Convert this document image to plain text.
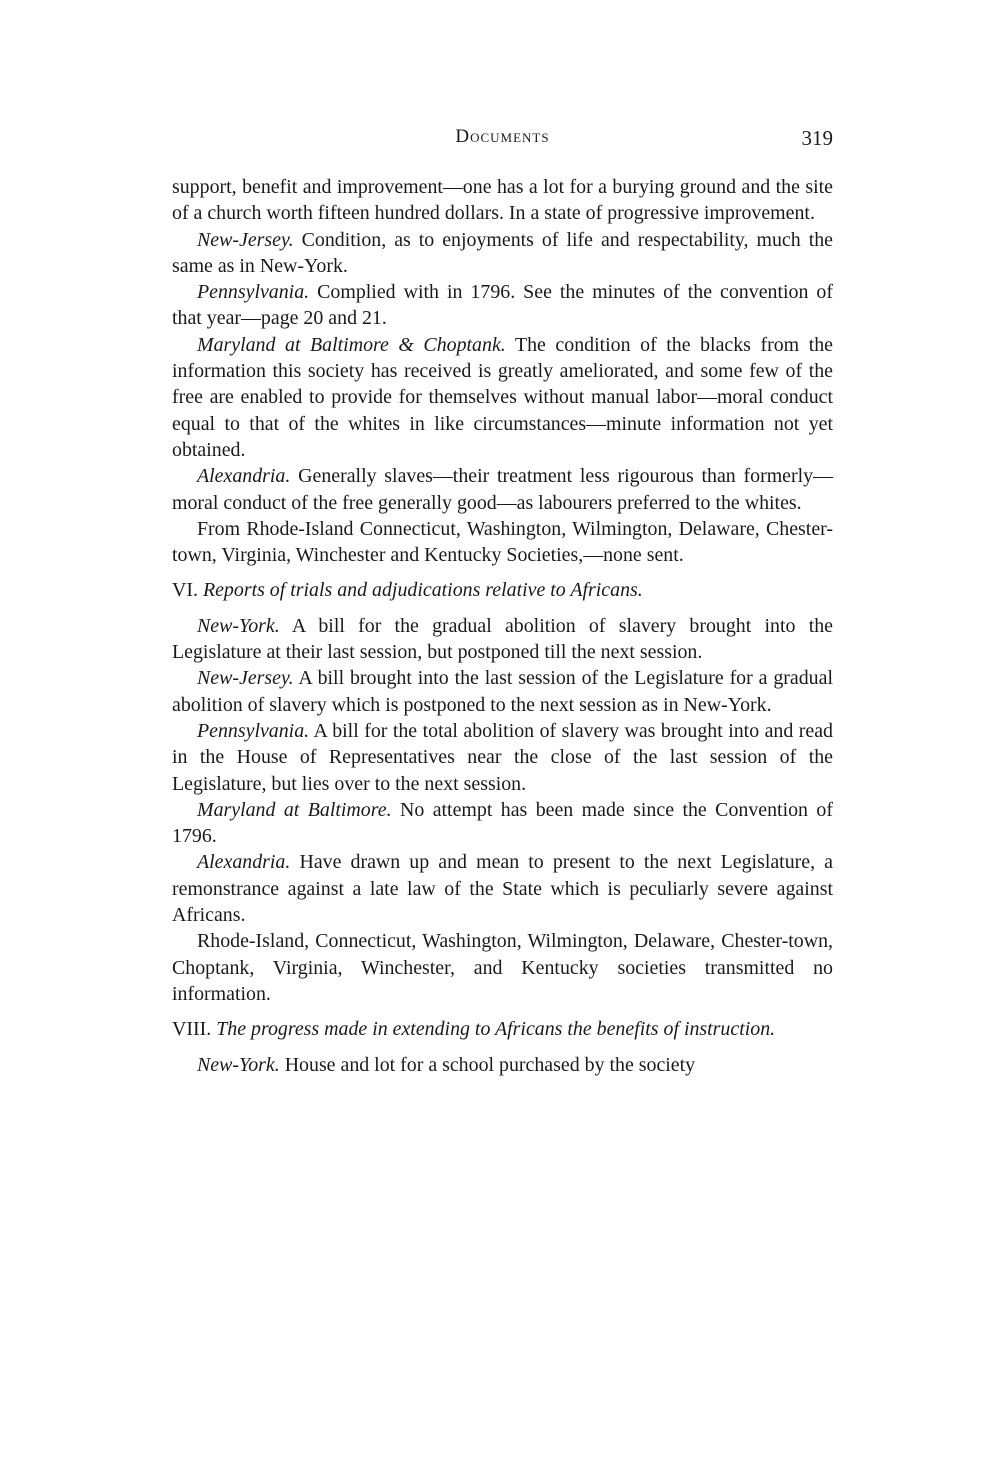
Documents	319

support, benefit and improvement—one has a lot for a burying ground and the site of a church worth fifteen hundred dollars. In a state of progressive improvement.

New-Jersey. Condition, as to enjoyments of life and respectability, much the same as in New-York.

Pennsylvania. Complied with in 1796. See the minutes of the convention of that year—page 20 and 21.

Maryland at Baltimore & Choptank. The condition of the blacks from the information this society has received is greatly ameliorated, and some few of the free are enabled to provide for themselves without manual labor—moral conduct equal to that of the whites in like circumstances—minute information not yet obtained.

Alexandria. Generally slaves—their treatment less rigourous than formerly—moral conduct of the free generally good—as labourers preferred to the whites.

From Rhode-Island Connecticut, Washington, Wilmington, Delaware, Chester-town, Virginia, Winchester and Kentucky Societies,—none sent.

VI. Reports of trials and adjudications relative to Africans.

New-York. A bill for the gradual abolition of slavery brought into the Legislature at their last session, but postponed till the next session.

New-Jersey. A bill brought into the last session of the Legislature for a gradual abolition of slavery which is postponed to the next session as in New-York.

Pennsylvania. A bill for the total abolition of slavery was brought into and read in the House of Representatives near the close of the last session of the Legislature, but lies over to the next session.

Maryland at Baltimore. No attempt has been made since the Convention of 1796.

Alexandria. Have drawn up and mean to present to the next Legislature, a remonstrance against a late law of the State which is peculiarly severe against Africans.

Rhode-Island, Connecticut, Washington, Wilmington, Delaware, Chester-town, Choptank, Virginia, Winchester, and Kentucky societies transmitted no information.

VIII. The progress made in extending to Africans the benefits of instruction.

New-York. House and lot for a school purchased by the society
